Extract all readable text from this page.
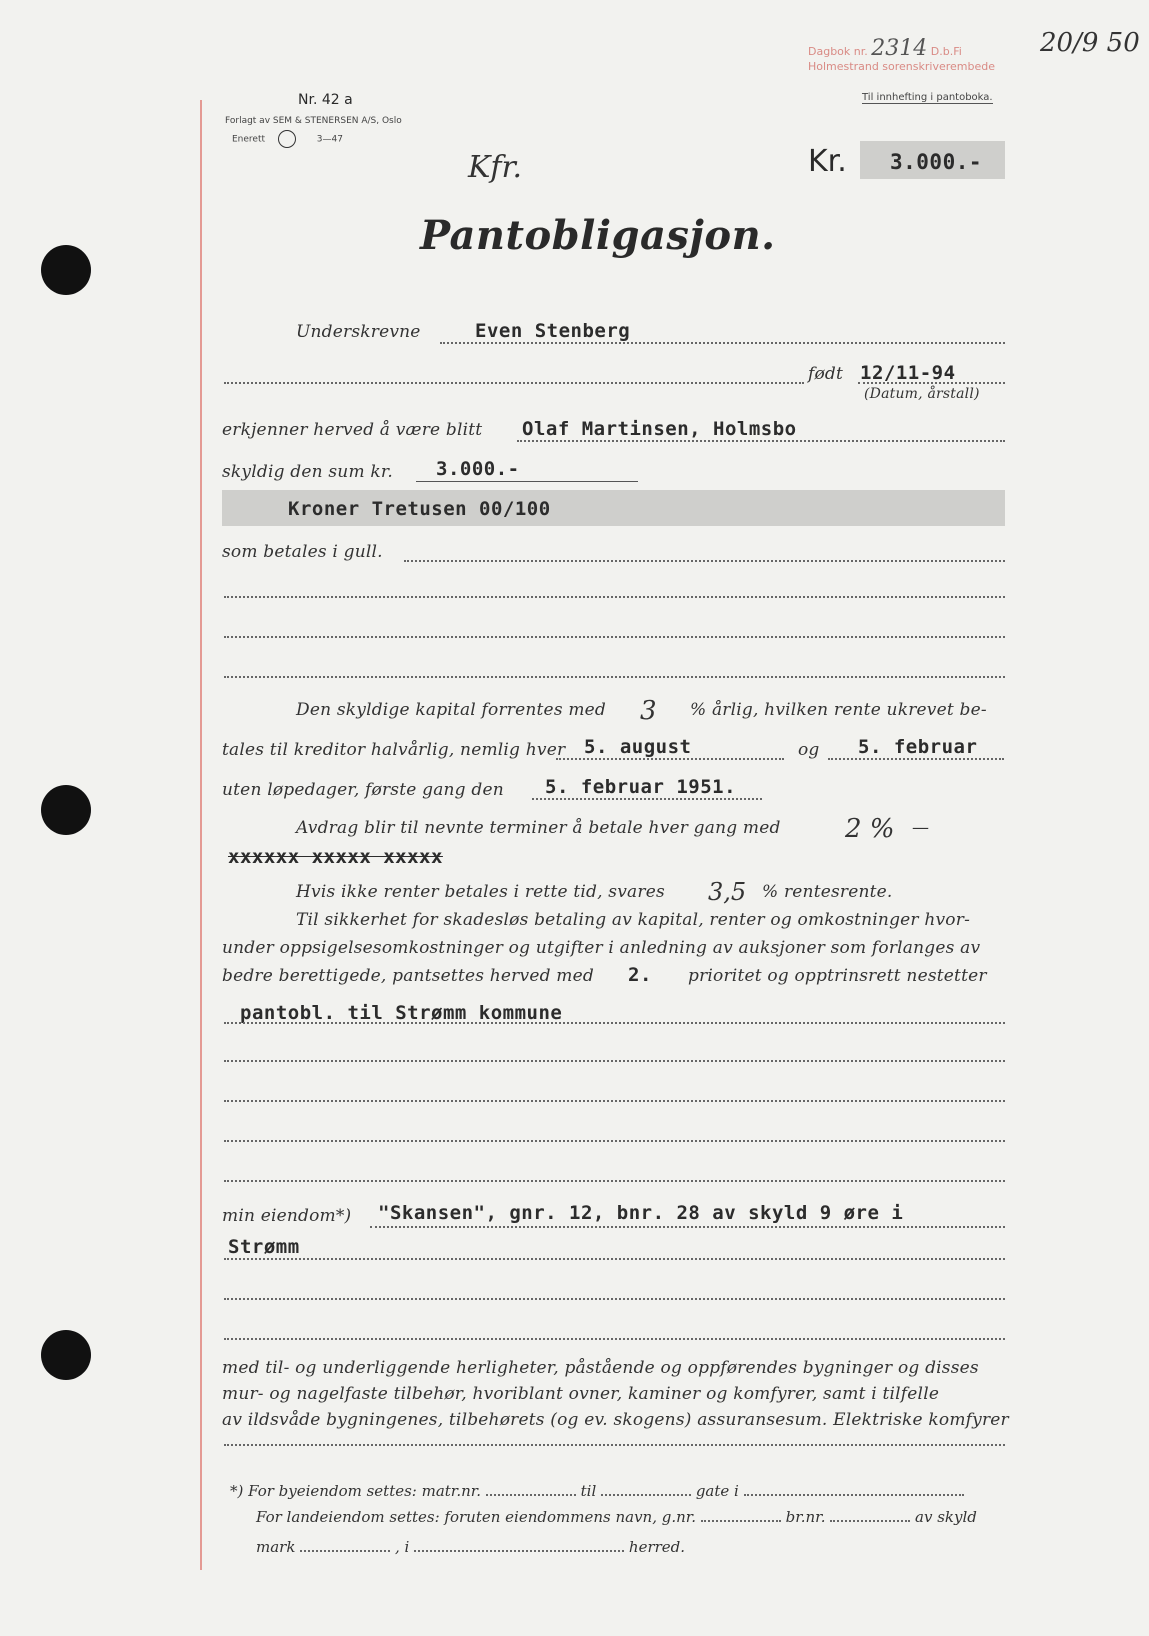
Dagbok nr. 2314 D.b.Fi
Holmestrand sorenskriverembede
20/9 50
Til innhefting i pantoboka.
Nr. 42 a
Forlagt av SEM & STENERSEN A/S, Oslo
Enerett	3—47
Kfr.	Kr. 3.000.-
Pantobligasjon.
Underskrevne	Even Stenberg
født 12/11-94
(Datum, årstall)
erkjenner herved å være blitt Olaf Martinsen, Holmsbo
skyldig den sum kr. 3.000.-
Kroner Tretusen 00/100
som betales i gull.
Den skyldige kapital forrentes med 3 % årlig, hvilken rente ukrevet be-
tales til kreditor halvårlig, nemlig hver 5. august	og 5. februar
uten løpedager, første gang den 5. februar 1951.
Avdrag blir til nevnte terminer å betale hver gang med 2 % —
xxxxxx xxxxx xxxxx
Hvis ikke renter betales i rette tid, svares 3,5 % rentesrente.
Til sikkerhet for skadesløs betaling av kapital, renter og omkostninger hvor-
under oppsigelsesomkostninger og utgifter i anledning av auksjoner som forlanges av
bedre berettigede, pantsettes herved med 2. prioritet og opptrinsrett nestetter
pantobl. til Strømm kommune
min eiendom*) "Skansen", gnr. 12, bnr. 28 av skyld 9 øre i
Strømm
med til- og underliggende herligheter, påstående og oppførendes bygninger og disses
mur- og nagelfaste tilbehør, hvoriblant ovner, kaminer og komfyrer, samt i tilfelle
av ildsvåde bygningenes, tilbehørets (og ev. skogens) assuransesum. Elektriske komfyrer
*) For byeiendom settes: matr.nr.	til	gate i
For landeiendom settes: foruten eiendommens navn, g.nr.	br.nr.	av skyld
mark	, i	herred.
